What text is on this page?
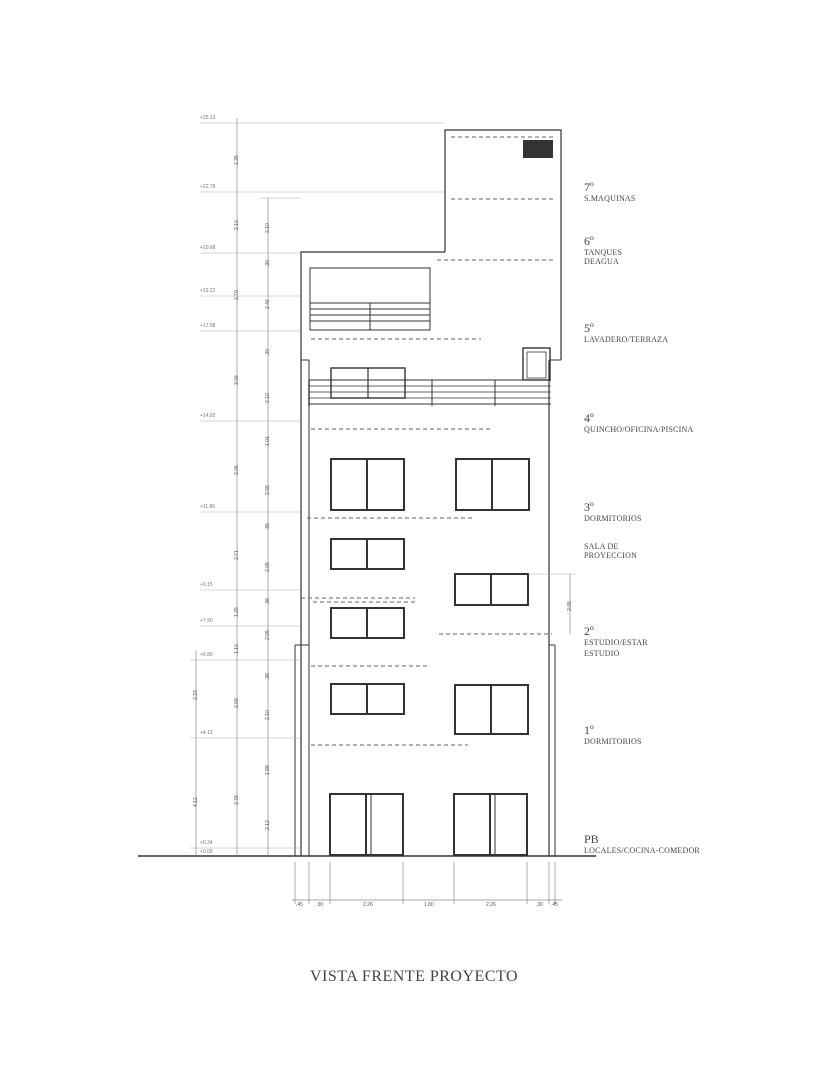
7º
S.MAQUINAS
6º
TANQUES
DEAGUA
5º
LAVADERO/TERRAZA
4º
QUINCHO/OFICINA/PISCINA
3º
DORMITORIOS
SALA DE
PROYECCION
2º
ESTUDIO/ESTAR
ESTUDIO
1º
DORMITORIOS
PB
LOCALES/COCINA-COMEDOR
+25.13
+22.78
+20.68
+19.22
+17.98
+14.92
+11.86
+9.15
+7.90
+6.80
+4.12
+0.34
+0.00
2.35
2.10
2.70
3.06
3.06
2.71
1.25
1.10
2.68
3.78
2.33
4.12
2.10
.30
2.46
.30
2.10
1.01
2.05
.85
2.05
.38
2.05
.38
2.10
1.88
2.12
2.05
.45	.30	2.26	1.80	2.26	.30 .45
VISTA FRENTE PROYECTO
